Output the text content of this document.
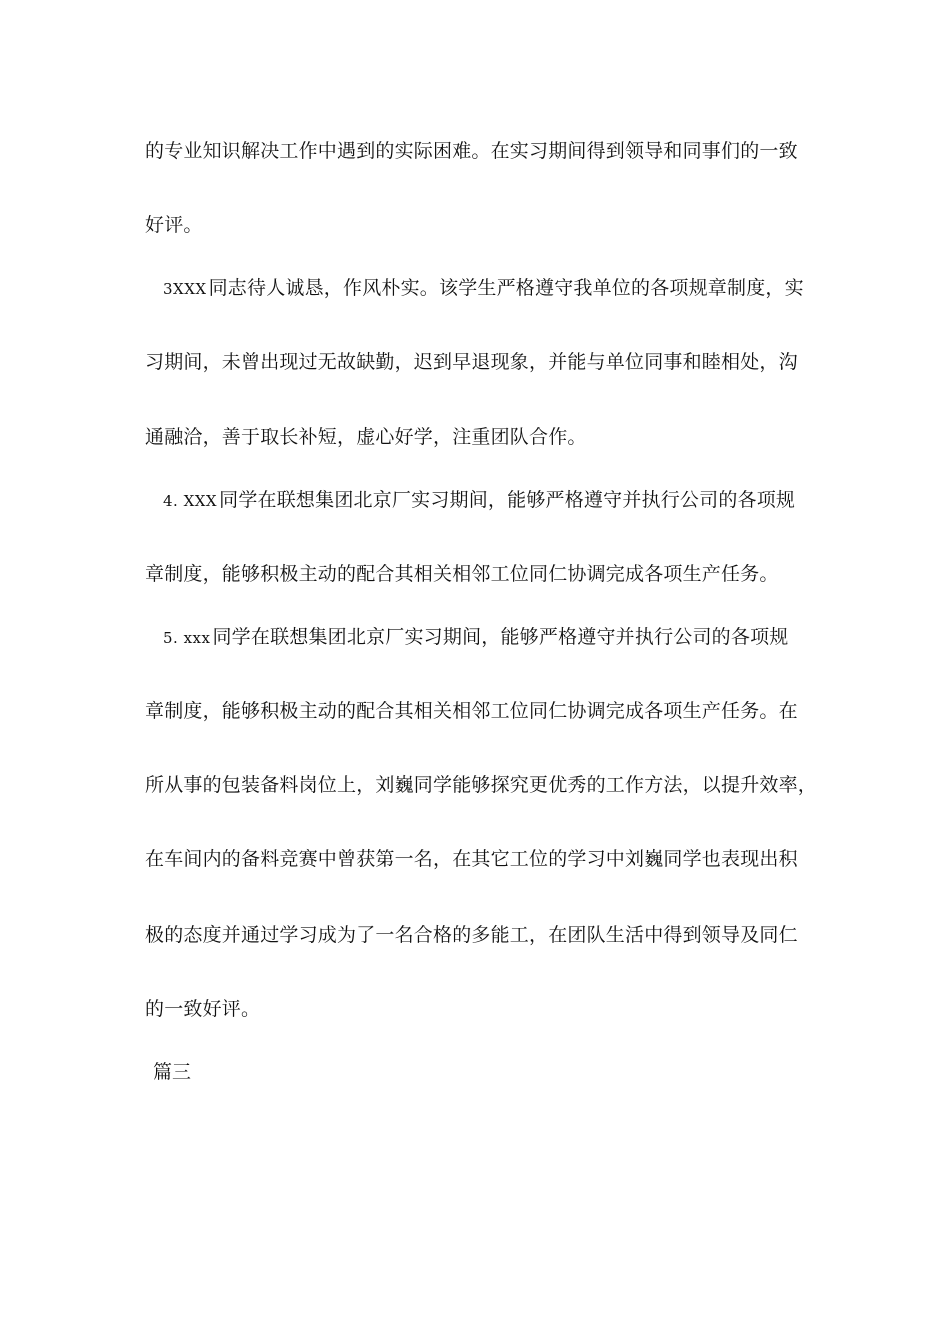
的专业知识解决工作中遇到的实际困难。在实习期间得到领导和同事们的一致
好评。
3XXX 同志待人诚恳，作风朴实。该学生严格遵守我单位的各项规章制度，实
习期间，未曾出现过无故缺勤，迟到早退现象，并能与单位同事和睦相处，沟
通融洽，善于取长补短，虚心好学，注重团队合作。
4. XXX 同学在联想集团北京厂实习期间，能够严格遵守并执行公司的各项规
章制度，能够积极主动的配合其相关相邻工位同仁协调完成各项生产任务。
5. xxx 同学在联想集团北京厂实习期间，能够严格遵守并执行公司的各项规
章制度，能够积极主动的配合其相关相邻工位同仁协调完成各项生产任务。在
所从事的包装备料岗位上，刘巍同学能够探究更优秀的工作方法，以提升效率，
在车间内的备料竞赛中曾获第一名，在其它工位的学习中刘巍同学也表现出积
极的态度并通过学习成为了一名合格的多能工，在团队生活中得到领导及同仁
的一致好评。
篇三
